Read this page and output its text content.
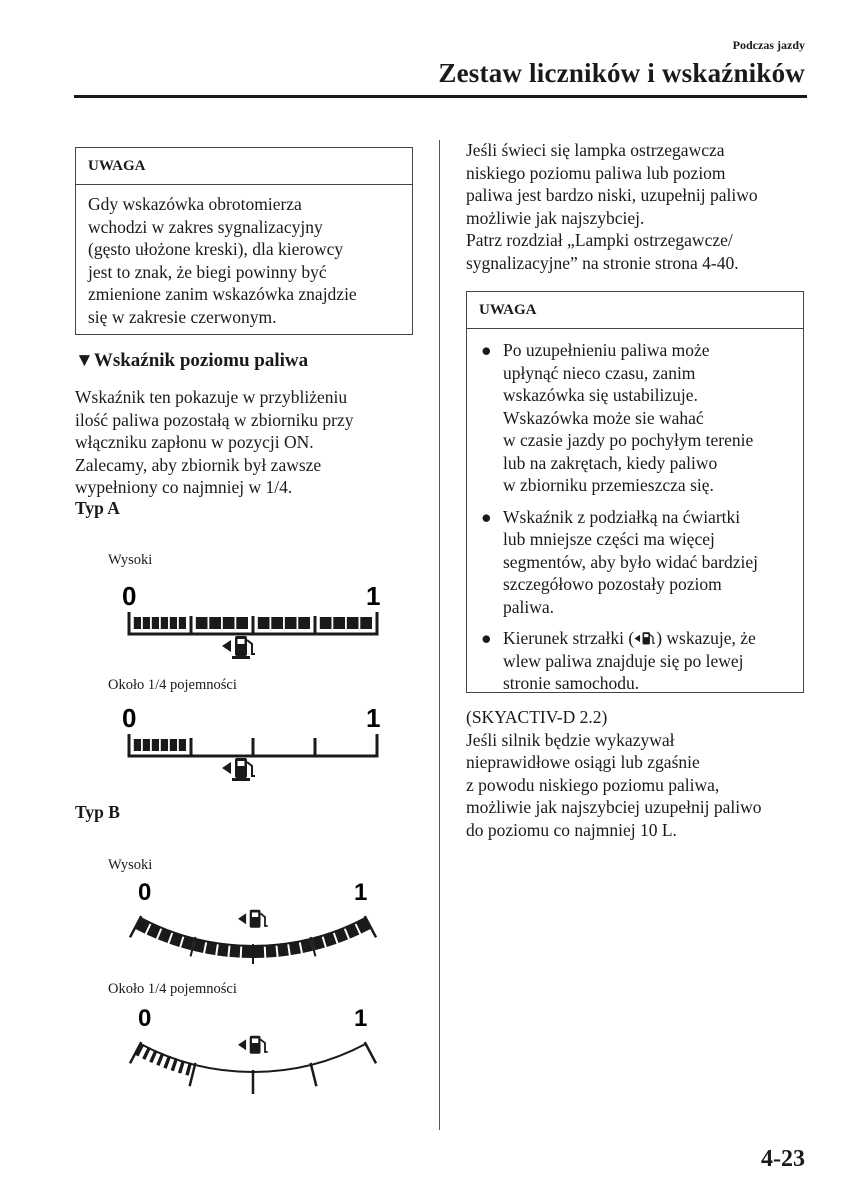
Podczas jazdy
Zestaw liczników i wskaźników
UWAGA

Gdy wskazówka obrotomierza

wchodzi w zakres sygnalizacyjny

(gęsto ułożone kreski), dla kierowcy

jest to znak, że biegi powinny być

zmienione zanim wskazówka znajdzie

się w zakresie czerwonym.

▼Wskaźnik poziomu paliwa

Wskaźnik ten pokazuje w przybliżeniu

ilość paliwa pozostałą w zbiorniku przy

włączniku zapłonu w pozycji ON.

Zalecamy, aby zbiornik był zawsze

wypełniony co najmniej w 1/4.

Typ A
Wysoki
0	1
Około 1/4 pojemności
0	1
Typ B
Wysoki
0	1
Około 1/4 pojemności
0	1

Jeśli świeci się lampka ostrzegawcza

niskiego poziomu paliwa lub poziom

paliwa jest bardzo niski, uzupełnij paliwo

możliwie jak najszybciej.

Patrz rozdział „Lampki ostrzegawcze/

sygnalizacyjne” na stronie strona 4-40.

UWAGA
● Po uzupełnieniu paliwa może
upłynąć nieco czasu, zanim
wskazówka się ustabilizuje.
Wskazówka może sie wahać
w czasie jazdy po pochyłym terenie
lub na zakrętach, kiedy paliwo
w zbiorniku przemieszcza się.
● Wskaźnik z podziałką na ćwiartki
lub mniejsze części ma więcej
segmentów, aby było widać bardziej
szczegółowo pozostały poziom
paliwa.
● Kierunek strzałki ( ) wskazuje, że
wlew paliwa znajduje się po lewej
stronie samochodu.

(SKYACTIV-D 2.2)

Jeśli silnik będzie wykazywał

nieprawidłowe osiągi lub zgaśnie

z powodu niskiego poziomu paliwa,

możliwie jak najszybciej uzupełnij paliwo

do poziomu co najmniej 10 L.

4-23
